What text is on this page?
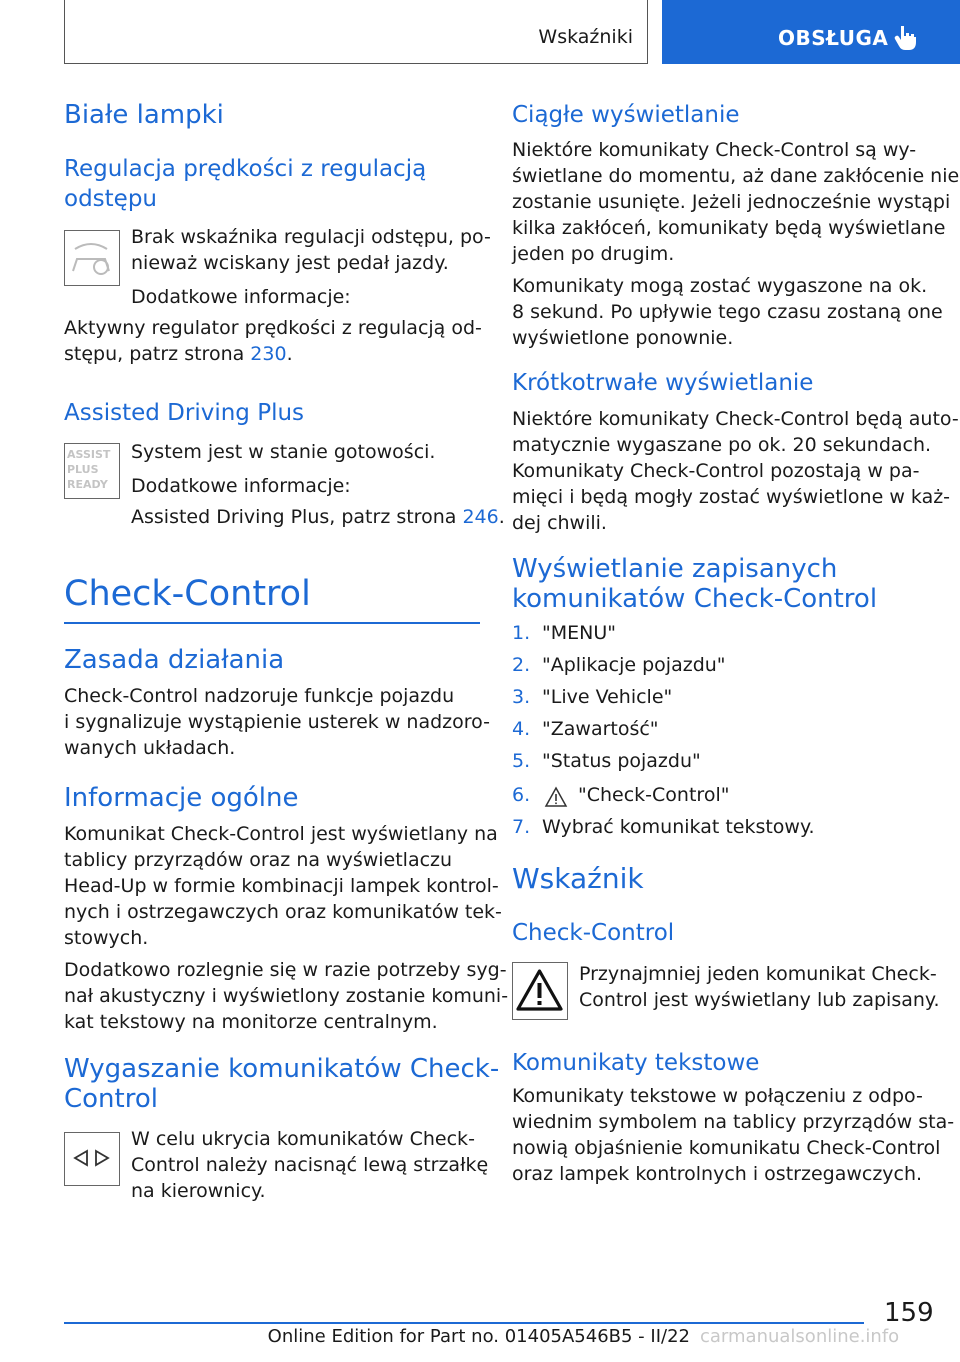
Wskaźniki	OBSŁUGA
Białe lampki
Regulacja prędkości z regulacją
odstępu

Brak wskaźnika regulacji odstępu, po-

nieważ wciskany jest pedał jazdy.

Dodatkowe informacje:

Aktywny regulator prędkości z regulacją od-

stępu, patrz strona 230.

Assisted Driving Plus
ASSIST
PLUS
READY

System jest w stanie gotowości.

Dodatkowe informacje:

Assisted Driving Plus, patrz strona 246.

Check-Control
Zasada działania

Check-Control nadzoruje funkcje pojazdu

i sygnalizuje wystąpienie usterek w nadzoro-

wanych układach.

Informacje ogólne

Komunikat Check-Control jest wyświetlany na

tablicy przyrządów oraz na wyświetlaczu

Head-Up w formie kombinacji lampek kontrol-

nych i ostrzegawczych oraz komunikatów tek-

stowych.

Dodatkowo rozlegnie się w razie potrzeby syg-

nał akustyczny i wyświetlony zostanie komuni-

kat tekstowy na monitorze centralnym.

Wygaszanie komunikatów Check-
Control

W celu ukrycia komunikatów Check-

Control należy nacisnąć lewą strzałkę

na kierownicy.

Ciągłe wyświetlanie

Niektóre komunikaty Check-Control są wy-

świetlane do momentu, aż dane zakłócenie nie

zostanie usunięte. Jeżeli jednocześnie wystąpi

kilka zakłóceń, komunikaty będą wyświetlane

jeden po drugim.

Komunikaty mogą zostać wygaszone na ok.

8 sekund. Po upływie tego czasu zostaną one

wyświetlone ponownie.

Krótkotrwałe wyświetlanie

Niektóre komunikaty Check-Control będą auto-

matycznie wygaszane po ok. 20 sekundach.

Komunikaty Check-Control pozostają w pa-

mięci i będą mogły zostać wyświetlone w każ-

dej chwili.

Wyświetlanie zapisanych
komunikatów Check-Control
1. "MENU"
2. "Aplikacje pojazdu"
3. "Live Vehicle"
4. "Zawartość"
5. "Status pojazdu"
6.	"Check-Control"
7. Wybrać komunikat tekstowy.
Wskaźnik
Check-Control

Przynajmniej jeden komunikat Check-

Control jest wyświetlany lub zapisany.

Komunikaty tekstowe

Komunikaty tekstowe w połączeniu z odpo-

wiednim symbolem na tablicy przyrządów sta-

nowią objaśnienie komunikatu Check-Control

oraz lampek kontrolnych i ostrzegawczych.

159
Online Edition for Part no. 01405A546B5 - II/22 carmanualsonline.info
